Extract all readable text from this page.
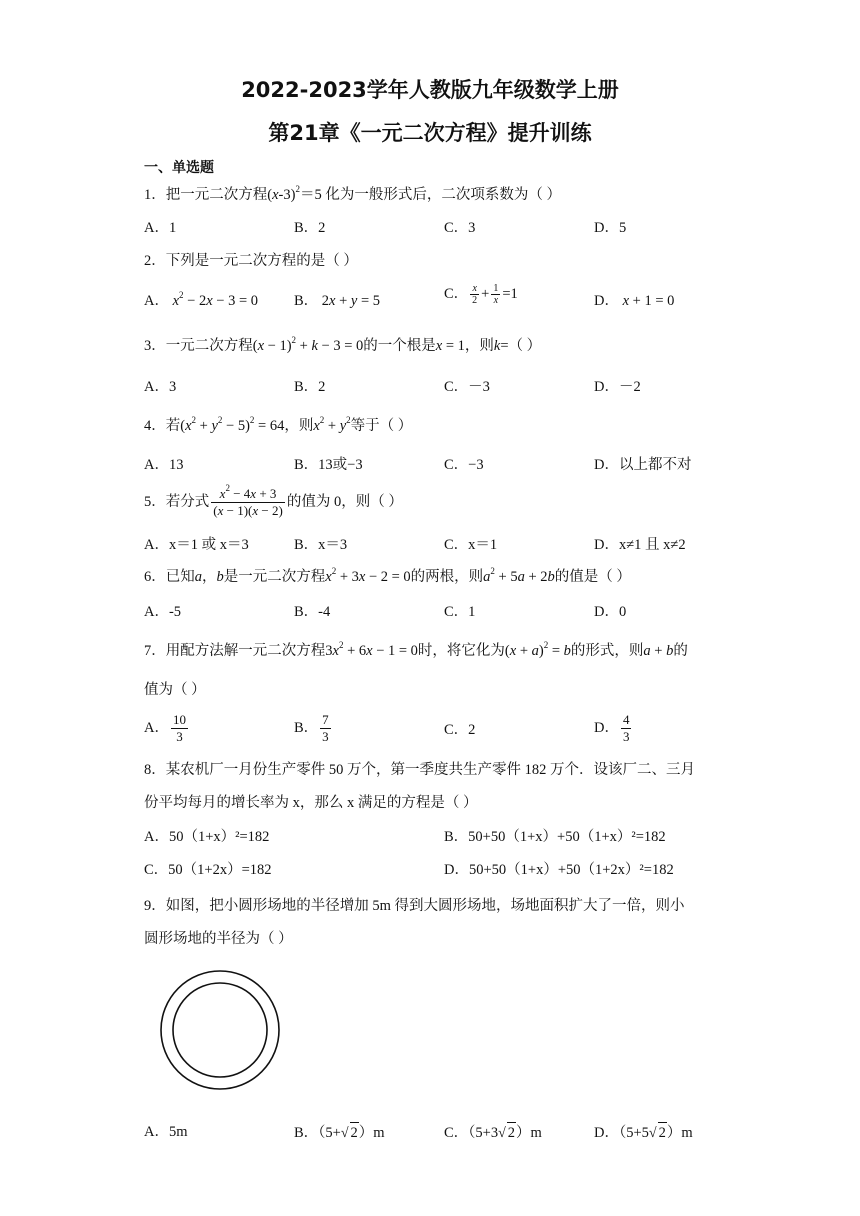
2022-2023学年人教版九年级数学上册
第21章《一元二次方程》提升训练
一、单选题
1．把一元二次方程$(x-3)^2=5$ 化为一般形式后，二次项系数为（ ）
A．1	B．2	C．3	D．5
2．下列是一元二次方程的是（ ）
A． $x^2 - 2x - 3 = 0$ B． 2x + y = 5	C． $\frac{x}{2} + \frac{1}{x} =1$	D． x + 1 = 0
3．一元二次方程$(x - 1)^2 + k - 3 = 0$的一个根是x = 1，则k=（ ）
A．3	B．2	C．－3	D．－2
4．若$(x^2 + y^2 - 5)^2 = 64$，则$x^2 + y^2$等于（ ）
A．13	B．13或−3	C．−3	D．以上都不对
5．若分式 $\frac{x^2 - 4x + 3}{(x - 1)(x - 2)}$ 的值为 0，则（ ）
A．x＝1 或 x＝3	B．x＝3	C．x＝1	D．x≠1 且 x≠2
6．已知a，b是一元二次方程$x^2 + 3x - 2 = 0$的两根，则$a^2 + 5a + 2b$的值是（ ）
A．-5	B．-4	C．1	D．0
7．用配方法解一元二次方程$3x^2 + 6x - 1 = 0$时，将它化为$(x + a)^2 = b$的形式，则a + b的
值为（ ）
A． $\frac{10}{3}$	B． $\frac{7}{3}$	C．2	D． $\frac{4}{3}$
8．某农机厂一月份生产零件 50 万个，第一季度共生产零件 182 万个．设该厂二、三月
份平均每月的增长率为 x，那么 x 满足的方程是（ ）
A．50（1+x）²=182	B．50+50（1+x）+50（1+x）²=182
C．50（1+2x）=182	D．50+50（1+x）+50（1+2x）²=182
9．如图，把小圆形场地的半径增加 5m 得到大圆形场地，场地面积扩大了一倍，则小
圆形场地的半径为（ ）
A．5m	B．（5+√ 2）m	C．（5+3√ 2）m	D．（5+5√ 2）m
